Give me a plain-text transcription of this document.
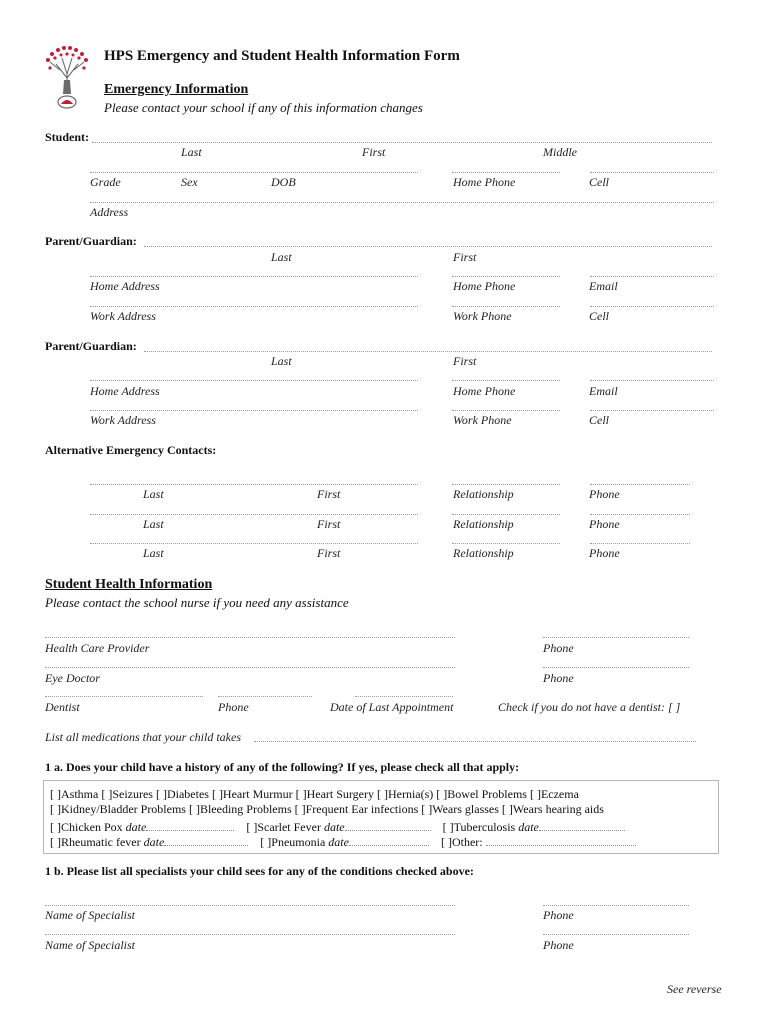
HPS Emergency and Student Health Information Form
Emergency Information
Please contact your school if any of this information changes
Student:
Last	First	Middle
Grade	Sex	DOB	Home Phone	Cell
Address
Parent/Guardian:
Last	First
Home Address	Home Phone	Email
Work Address	Work Phone	Cell
Parent/Guardian:
Last	First
Home Address	Home Phone	Email
Work Address	Work Phone	Cell
Alternative Emergency Contacts:
Last	First	Relationship	Phone
Last	First	Relationship	Phone
Last	First	Relationship	Phone
Student Health Information
Please contact the school nurse if you need any assistance
Health Care Provider	Phone
Eye Doctor	Phone
Dentist	Phone	Date of Last Appointment	Check if you do not have a dentist: [ ]
List all medications that your child takes
1 a. Does your child have a history of any of the following? If yes, please check all that apply:
[ ]Asthma [ ]Seizures [ ]Diabetes [ ]Heart Murmur [ ]Heart Surgery [ ]Hernia(s) [ ]Bowel Problems [ ]Eczema
[ ]Kidney/Bladder Problems [ ]Bleeding Problems [ ]Frequent Ear infections [ ]Wears glasses [ ]Wears hearing aids
[ ]Chicken Pox date	[ ]Scarlet Fever date	[ ]Tuberculosis date
[ ]Rheumatic fever date	[ ]Pneumonia date	[ ]Other:
1 b. Please list all specialists your child sees for any of the conditions checked above:
Name of Specialist	Phone
Name of Specialist	Phone
See reverse
